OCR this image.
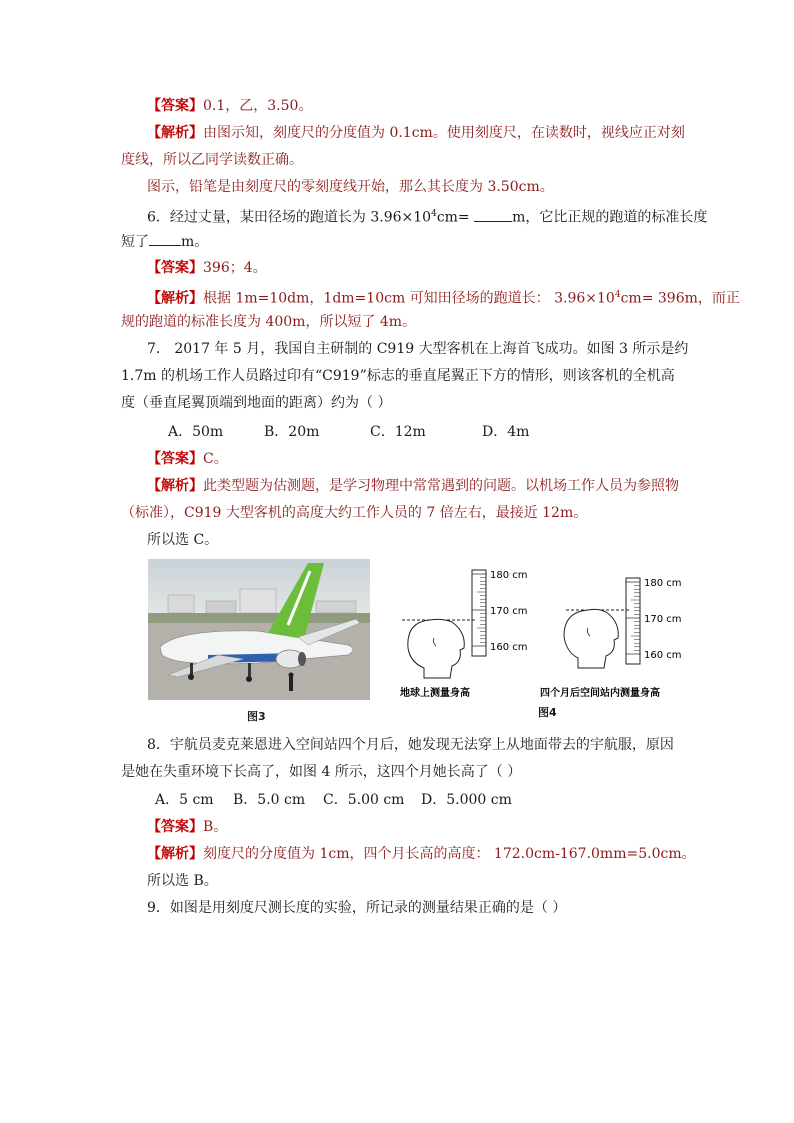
【答案】0.1，乙，3.50。
【解析】由图示知，刻度尺的分度值为 0.1cm。使用刻度尺，在读数时，视线应正对刻
度线，所以乙同学读数正确。
图示，铅笔是由刻度尺的零刻度线开始，那么其长度为 3.50cm。
6．经过丈量，某田径场的跑道长为 $3.96\times 10^4cm=$	m，它比正规的跑道的标准长度
短了 m。
【答案】396；4。
【解析】根据 1m=10dm，1dm=10cm 可知田径场的跑道长： $3.96\times 10^4cm= 396m$，而正
规的跑道的标准长度为 400m，所以短了 4m。
7． 2017 年 5 月，我国自主研制的 C919 大型客机在上海首飞成功。如图 3 所示是约
1.7m 的机场工作人员路过印有“C919”标志的垂直尾翼正下方的情形，则该客机的全机高
度（垂直尾翼顶端到地面的距离）约为（ ）
A．50m	B．20m	C．12m	D．4m
【答案】C。
【解析】此类型题为估测题，是学习物理中常常遇到的问题。以机场工作人员为参照物
（标准），C919 大型客机的高度大约工作人员的 7 倍左右，最接近 12m。
所以选 C。
图3
180 cm
170 cm
160 cm
地球上测量身高
180 cm
170 cm
160 cm
四个月后空间站内测量身高
图4
8．宇航员麦克莱恩进入空间站四个月后，她发现无法穿上从地面带去的宇航服，原因
是她在失重环境下长高了，如图 4 所示，这四个月她长高了（ ）
A．5 cm B．5.0 cm C．5.00 cm D．5.000 cm
【答案】B。
【解析】刻度尺的分度值为 1cm，四个月长高的高度： 172.0cm-167.0mm=5.0cm。
所以选 B。
9．如图是用刻度尺测长度的实验，所记录的测量结果正确的是（ ）
